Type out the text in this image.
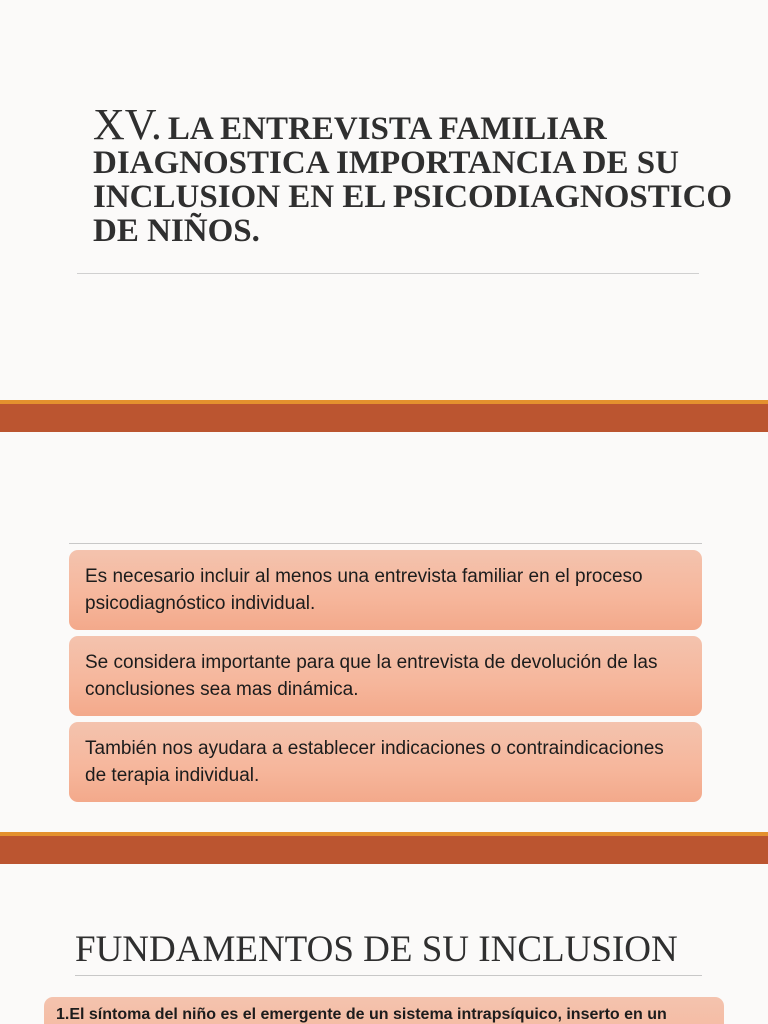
XV. LA ENTREVISTA FAMILIAR DIAGNOSTICA IMPORTANCIA DE SU INCLUSION EN EL PSICODIAGNOSTICO DE NIÑOS.
Es necesario incluir al menos una entrevista familiar en el proceso psicodiagnóstico individual.
Se considera importante para que la entrevista de devolución de las conclusiones sea mas dinámica.
También nos ayudara a establecer indicaciones o contraindicaciones de terapia individual.
FUNDAMENTOS DE SU INCLUSION
1.El síntoma del niño es el emergente de un sistema intrapsíquico, inserto en un
